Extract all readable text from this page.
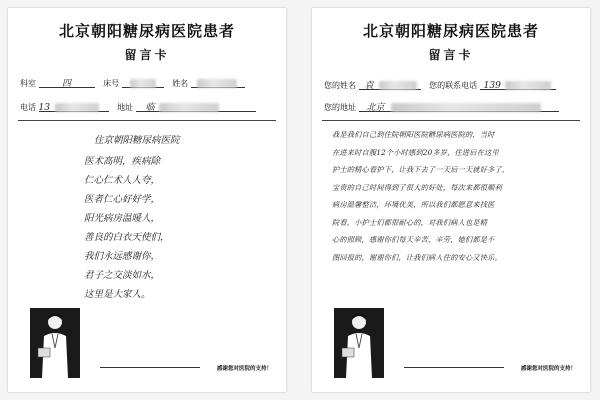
北京朝阳糖尿病医院患者
留言卡
科室	四	床号	姓名
电话 13	地址 临
住京朝阳糖尿病医院
医术高明，疾病除
仁心仁术人人夸，
医者仁心好好学，
阳光病房温暖人，
善良的白衣天使们，
我们永远感谢你，
君子之交淡如水，
这里是大家人。
感谢您对医院的支持！
北京朝阳糖尿病医院患者
留言卡
您的姓名 袁	您的联系电话 139
您的地址 北京
我是我们自己到住院朝阳医院糖尿病医院的，当时
在进来时自腹12个小时感到20多岁，住进后在这里
护士的精心看护下，让我下去了一天后一天就好多了，
宝贵的自己时间得到了很大的好处，每次来都很顺利
病房温馨整洁，环境优美，所以我们都愿意来找医
院看，小护士们都很耐心的，对我们病人也是精
心的照顾，感谢你们每天辛苦，辛劳，她们都是不
图回报的，谢谢你们，让我们病人住的安心又快乐。
感谢您对医院的支持！
